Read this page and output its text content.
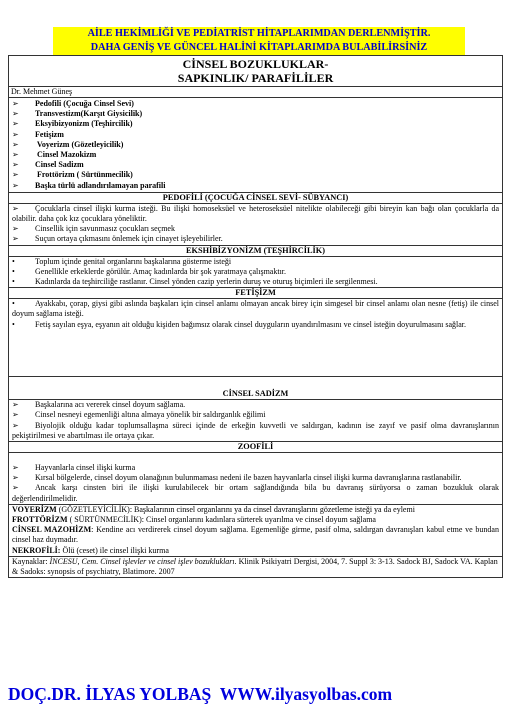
AİLE HEKİMLİĞİ VE PEDİATRİST HİTAPLARIMDAN DERLENMİŞTİR.
DAHA GENİŞ VE GÜNCEL HALİNİ KİTAPLARIMDA BULABİLİRSİNİZ
CİNSEL BOZUKLUKLAR-
SAPKINLIK/ PARAFİLİLER
Dr. Mehmet Güneş
➢ Pedofili (Çocuğa Cinsel Sevi)
➢ Transvestizm(Karşıt Giysicilik)
➢ Eksyibizyonizm (Teşhircilik)
➢ Fetişizm
➢ Voyerizm (Gözetleyicilik)
➢ Cinsel Mazokizm
➢ Cinsel Sadizm
➢ Frottörizm ( Sürtünmecilik)
➢ Başka türlü adlandırılamayan parafili
PEDOFİLİ (ÇOCUĞA CİNSEL SEVİ- SÜBYANCI)
➢ Çocuklarla cinsel ilişki kurma isteği. Bu ilişki homoseksüel ve heteroseksüel nitelikte olabileceği gibi bireyin kan bağı olan çocuklarla da olabilir. daha çok kız çocuklara yöneliktir.
➢ Cinsellik için savunmasız çocukları seçmek
➢ Suçun ortaya çıkmasını önlemek için cinayet işleyebilirler.
EKSHİBİZYONİZM (TEŞHİRCİLİK)
•	Toplum içinde genital organlarını başkalarına gösterme isteği
•	Genellikle erkeklerde görülür. Amaç kadınlarda bir şok yaratmaya çalışmaktır.
•	Kadınlarda da teşhirciliğe rastlanır. Cinsel yönden cazip yerlerin duruş ve oturuş biçimleri ile sergilenmesi.
FETİŞİZM
•	Ayakkabı, çorap, giysi gibi aslında başkaları için cinsel anlamı olmayan ancak birey için simgesel bir cinsel anlamı olan nesne (fetiş) ile cinsel doyum sağlama isteği.
•	Fetiş sayılan eşya, eşyanın ait olduğu kişiden bağımsız olarak cinsel duyguların uyandırılmasını ve cinsel isteğin doyurulmasını sağlar.
CİNSEL SADİZM
➢ Başkalarına acı vererek cinsel doyum sağlama.
➢ Cinsel nesneyi egemenliği altına almaya yönelik bir saldırganlık eğilimi
➢ Biyolojik olduğu kadar toplumsallaşma süreci içinde de erkeğin kuvvetli ve saldırgan, kadının ise zayıf ve pasif olma davranışlarının pekiştirilmesi ve abartılması ile ortaya çıkar.
ZOOFİLİ
➢ Hayvanlarla cinsel ilişki kurma
➢ Kırsal bölgelerde, cinsel doyum olanağının bulunmaması nedeni ile bazen hayvanlarla cinsel ilişki kurma davranışlarına rastlanabilir.
➢ Ancak karşı cinsten biri ile ilişki kurulabilecek bir ortam sağlandığında bila bu davranış sürüyorsa o zaman bozukluk olarak değerlendirilmelidir.
VOYERİZM (GÖZETLEYİCİLİK): Başkalarının cinsel organlarını ya da cinsel davranışlarını gözetleme isteği ya da eylemi
FROTTÖRİZM ( SÜRTÜNMECİLİK): Cinsel organlarını kadınlara sürterek uyarılma ve cinsel doyum sağlama
CİNSEL MAZOHİZM: Kendine acı verdirerek cinsel doyum sağlama. Egemenliğe girme, pasif olma, saldırgan davranışları kabul etme ve bundan cinsel haz duymadır.
NEKROFİLİ: Ölü (ceset) ile cinsel ilişki kurma
Kaynaklar: İNCESU, Cem. Cinsel işlevler ve cinsel işlev bozuklukları. Klinik Psikiyatri Dergisi, 2004, 7. Suppl 3: 3-13. Sadock BJ, Sadock VA. Kaplan & Sadoks: synopsis of psychiatry, Blatimore. 2007
DOÇ.DR. İLYAS YOLBAŞ  WWW.ilyasyolbas.com
